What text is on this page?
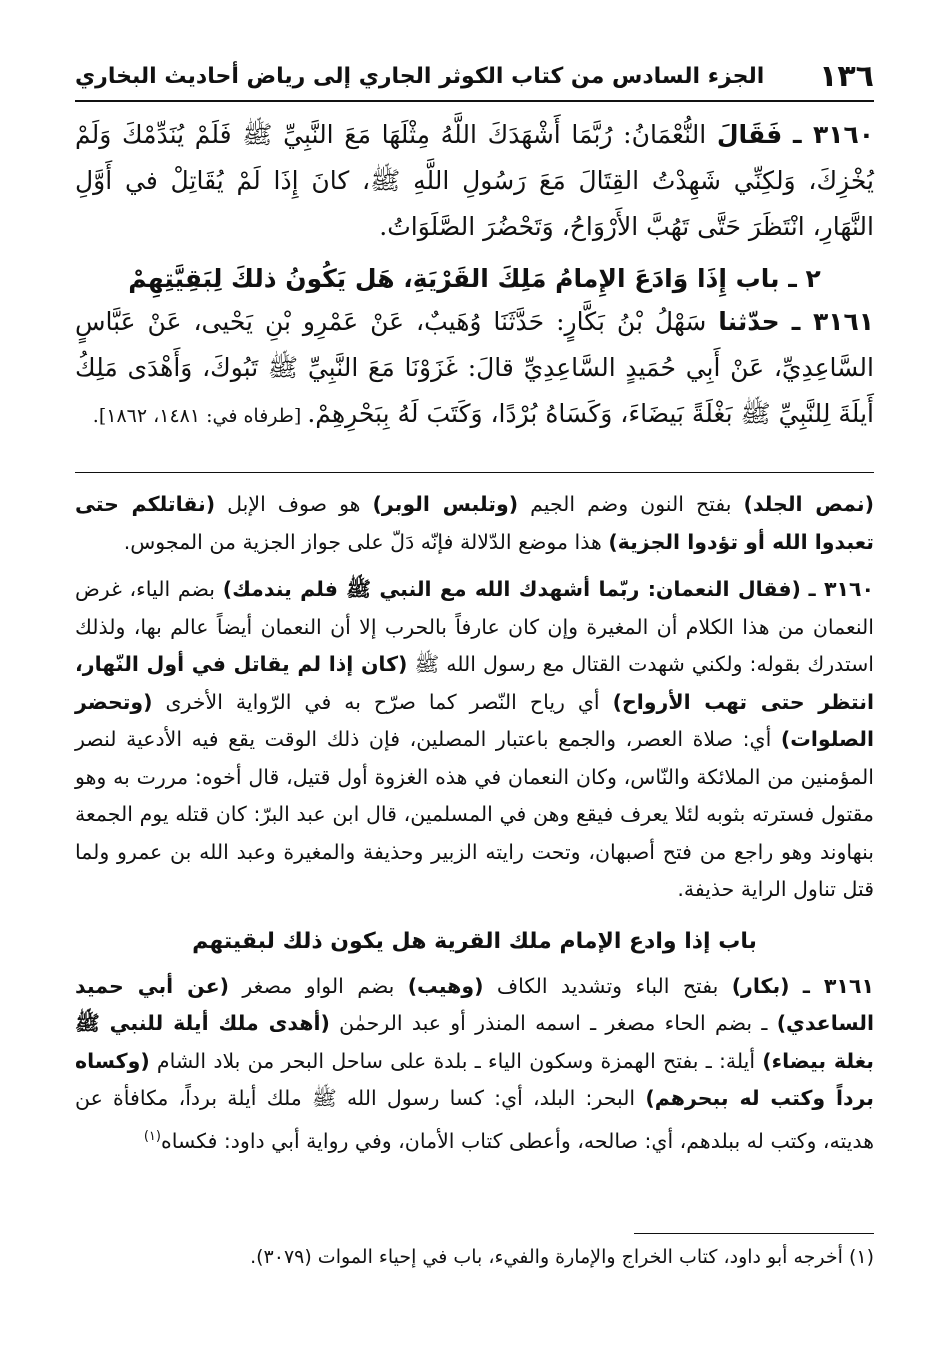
١٣٦
الجزء السادس من كتاب الكوثر الجاري إلى رياض أحاديث البخاري

٣١٦٠ ـ فَقَالَ النُّعْمَانُ: رُبَّمَا أَشْهَدَكَ اللَّهُ مِثْلَهَا مَعَ النَّبِيِّ ﷺ فَلَمْ يُنَدِّمْكَ وَلَمْ يُخْزِكَ، وَلكِنِّي شَهِدْتُ القِتَالَ مَعَ رَسُولِ اللَّهِ ﷺ، كانَ إِذَا لَمْ يُقَاتِلْ في أَوَّلِ النَّهَارِ، انْتَظَرَ حَتَّى تَهُبَّ الأَرْوَاحُ، وَتَحْضُرَ الصَّلَوَاتُ.

٢ ـ باب إِذَا وَادَعَ الإِمامُ مَلِكَ القَرْيَةِ، هَل يَكُونُ ذلكَ لِبَقِيَّتِهِمْ

٣١٦١ ـ حدّثنا سَهْلُ بْنُ بَكَّارٍ: حَدَّثَنَا وُهَيبٌ، عَنْ عَمْرِو بْنِ يَحْيى، عَنْ عَبَّاسٍ السَّاعِدِيِّ، عَنْ أَبِي حُمَيدٍ السَّاعِدِيِّ قالَ: غَزَوْنَا مَعَ النَّبِيِّ ﷺ تَبُوكَ، وَأَهْدَى مَلِكُ أَيلَةَ لِلنَّبِيِّ ﷺ بَغْلَةً بَيضَاءَ، وَكَسَاهُ بُرْدًا، وَكَتَبَ لَهُ بِبَحْرِهِمْ. [طرفاه في: ١٤٨١، ١٨٦٢].

(نمص الجلد) بفتح النون وضم الجيم (وتلبس الوبر) هو صوف الإبل (نقاتلكم حتى تعبدوا الله أو تؤدوا الجزية) هذا موضع الدّلالة فإنّه دَلّ على جواز الجزية من المجوس.

٣١٦٠ ـ (فقال النعمان: ربّما أشهدك الله مع النبي ﷺ فلم يندمك) بضم الياء، غرض النعمان من هذا الكلام أن المغيرة وإن كان عارفاً بالحرب إلا أن النعمان أيضاً عالم بها، ولذلك استدرك بقوله: ولكني شهدت القتال مع رسول الله ﷺ (كان إذا لم يقاتل في أول النّهار، انتظر حتى تهب الأرواح) أي رياح النّصر كما صرّح به في الرّواية الأخرى (وتحضر الصلوات) أي: صلاة العصر، والجمع باعتبار المصلين، فإن ذلك الوقت يقع فيه الأدعية لنصر المؤمنين من الملائكة والنّاس، وكان النعمان في هذه الغزوة أول قتيل، قال أخوه: مررت به وهو مقتول فسترته بثوبه لئلا يعرف فيقع وهن في المسلمين، قال ابن عبد البرّ: كان قتله يوم الجمعة بنهاوند وهو راجع من فتح أصبهان، وتحت رايته الزبير وحذيفة والمغيرة وعبد الله بن عمرو ولما قتل تناول الراية حذيفة.

باب إذا وادع الإمام ملك القرية هل يكون ذلك لبقيتهم

٣١٦١ ـ (بكار) بفتح الباء وتشديد الكاف (وهيب) بضم الواو مصغر (عن أبي حميد الساعدي) ـ بضم الحاء مصغر ـ اسمه المنذر أو عبد الرحمٰن (أهدى ملك أيلة للنبي ﷺ بغلة بيضاء) أيلة: ـ بفتح الهمزة وسكون الياء ـ بلدة على ساحل البحر من بلاد الشام (وكساه برداً وكتب له ببحرهم) البحر: البلد، أي: كسا رسول الله ﷺ ملك أيلة برداً، مكافأة عن هديته، وكتب له ببلدهم، أي: صالحه، وأعطى كتاب الأمان، وفي رواية أبي داود: فكساه$^{(١)}$

(١) أخرجه أبو داود، كتاب الخراج والإمارة والفيء، باب في إحياء الموات (٣٠٧٩).
